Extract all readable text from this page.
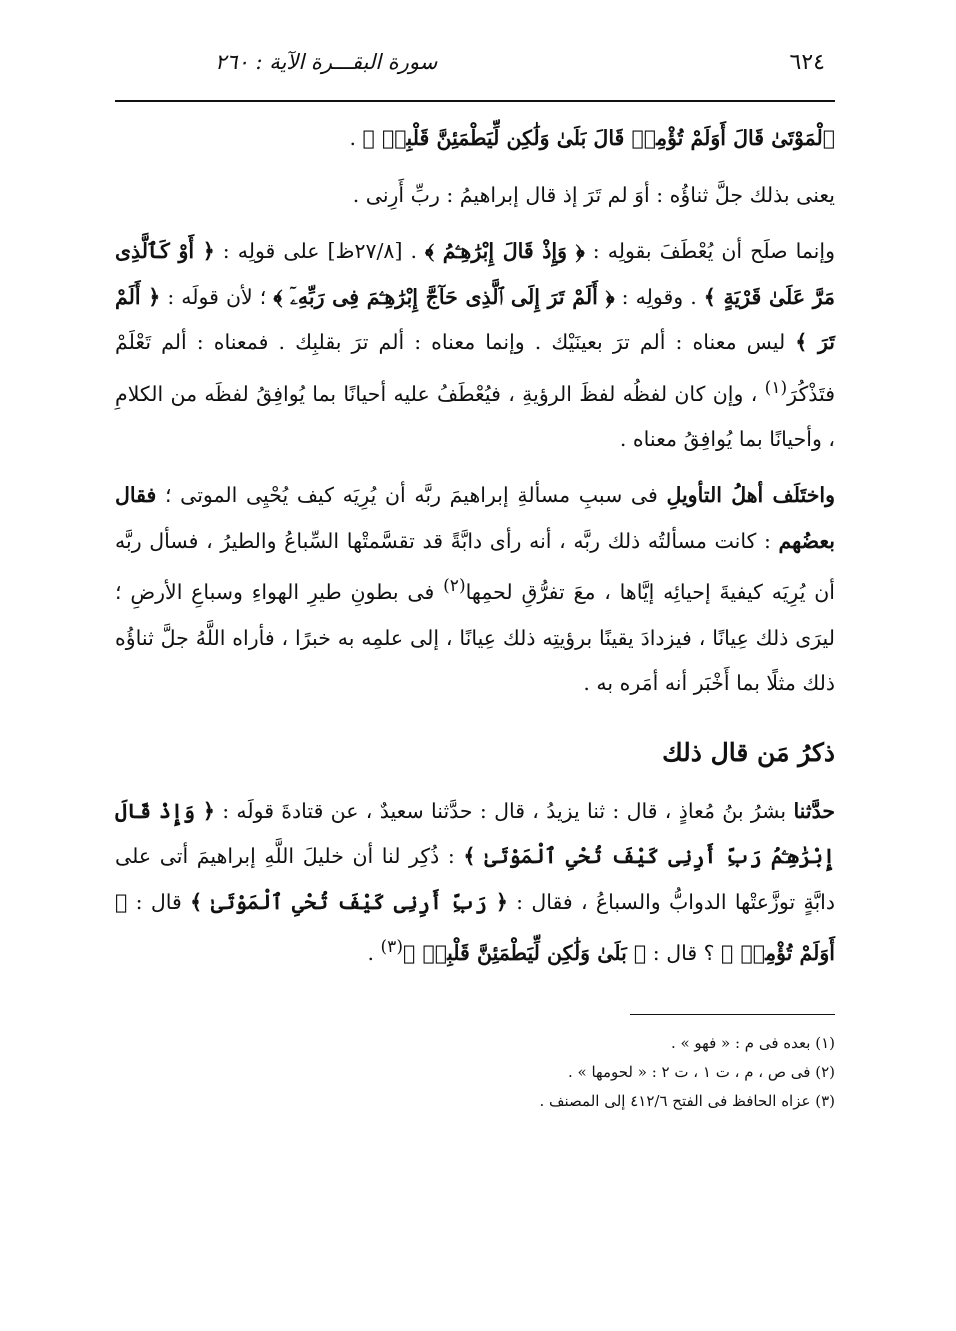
٦٢٤
سورة البقـــرة الآية : ٢٦٠

ٱلْمَوْتَىٰ قَالَ أَوَلَمْ تُؤْمِنۖ قَالَ بَلَىٰ وَلَٰكِن لِّيَطْمَئِنَّ قَلْبِىۖ ﴾ .

يعنى بذلك جلَّ ثناؤُه : أوَ لم تَرَ إذ قال إبراهيمُ : ربِّ أَرِنى .

وإنما صلَح أن يُعْطَفَ بقولِه : ﴿ وَإِذْ قَالَ إِبْرَٰهِـۧمُ ﴾ . [٢٧/٨ظ] على قولِه : ﴿ أَوْ كَٱلَّذِى مَرَّ عَلَىٰ قَرْيَةٍ ﴾ . وقولِه : ﴿ أَلَمْ تَرَ إِلَى ٱلَّذِى حَآجَّ إِبْرَٰهِـۧمَ فِى رَبِّهِۦٓ ﴾ ؛ لأن قولَه : ﴿ أَلَمْ تَرَ ﴾ ليس معناه : ألم ترَ بعينَيْك . وإنما معناه : ألم ترَ بقلبِك . فمعناه : ألم تَعْلَمْ فتَذْكُرَ$^{(١)}$ ، وإن كان لفظُه لفظَ الرؤيةِ ، فيُعْطَفُ عليه أحيانًا بما يُوافِقُ لفظَه من الكلامِ ، وأحيانًا بما يُوافِقُ معناه .

واختَلَف أهلُ التأويلِ فى سببِ مسألةِ إبراهيمَ ربَّه أن يُرِيَه كيف يُحْيِى الموتى ؛ فقال بعضُهم : كانت مسألتُه ذلك ربَّه ، أنه رأى دابَّةً قد تقسَّمتْها السِّباعُ والطيرُ ، فسأل ربَّه أن يُرِيَه كيفيةَ إحيائِه إيَّاها ، معَ تفرُّقِ لحمِها$^{(٢)}$ فى بطونِ طيرِ الهواءِ وسباعِ الأرضِ ؛ ليرَى ذلك عِيانًا ، فيزدادَ يقينًا برؤيتِه ذلك عِيانًا ، إلى علمِه به خبرًا ، فأراه اللَّهُ جلَّ ثناؤُه ذلك مثلًا بما أَخْبَر أنه أمَره به .

ذكرُ مَن قال ذلك

حدَّثنا بشرُ بنُ مُعاذٍ ، قال : ثنا يزيدُ ، قال : حدَّثنا سعيدٌ ، عن قتادةَ قولَه : ﴿ وَإِذْ قَالَ إِبْرَٰهِـۧمُ رَبِّ أَرِنِى كَيْفَ تُحْىِ ٱلْمَوْتَىٰ ﴾ : ذُكِر لنا أن خليلَ اللَّهِ إبراهيمَ أتى على دابَّةٍ توزَّعتْها الدوابُّ والسباعُ ، فقال : ﴿ رَبِّ أَرِنِى كَيْفَ تُحْىِ ٱلْمَوْتَىٰ ﴾ قال : ﴿ أَوَلَمْ تُؤْمِنۖ ﴾ ؟ قال : ﴿ بَلَىٰ وَلَٰكِن لِّيَطْمَئِنَّ قَلْبِىۖ ﴾$^{(٣)}$ .

(١) بعده فى م : « فهو » .
(٢) فى ص ، م ، ت ١ ، ت ٢ : « لحومها » .
(٣) عزاه الحافظ فى الفتح ٤١٢/٦ إلى المصنف .
